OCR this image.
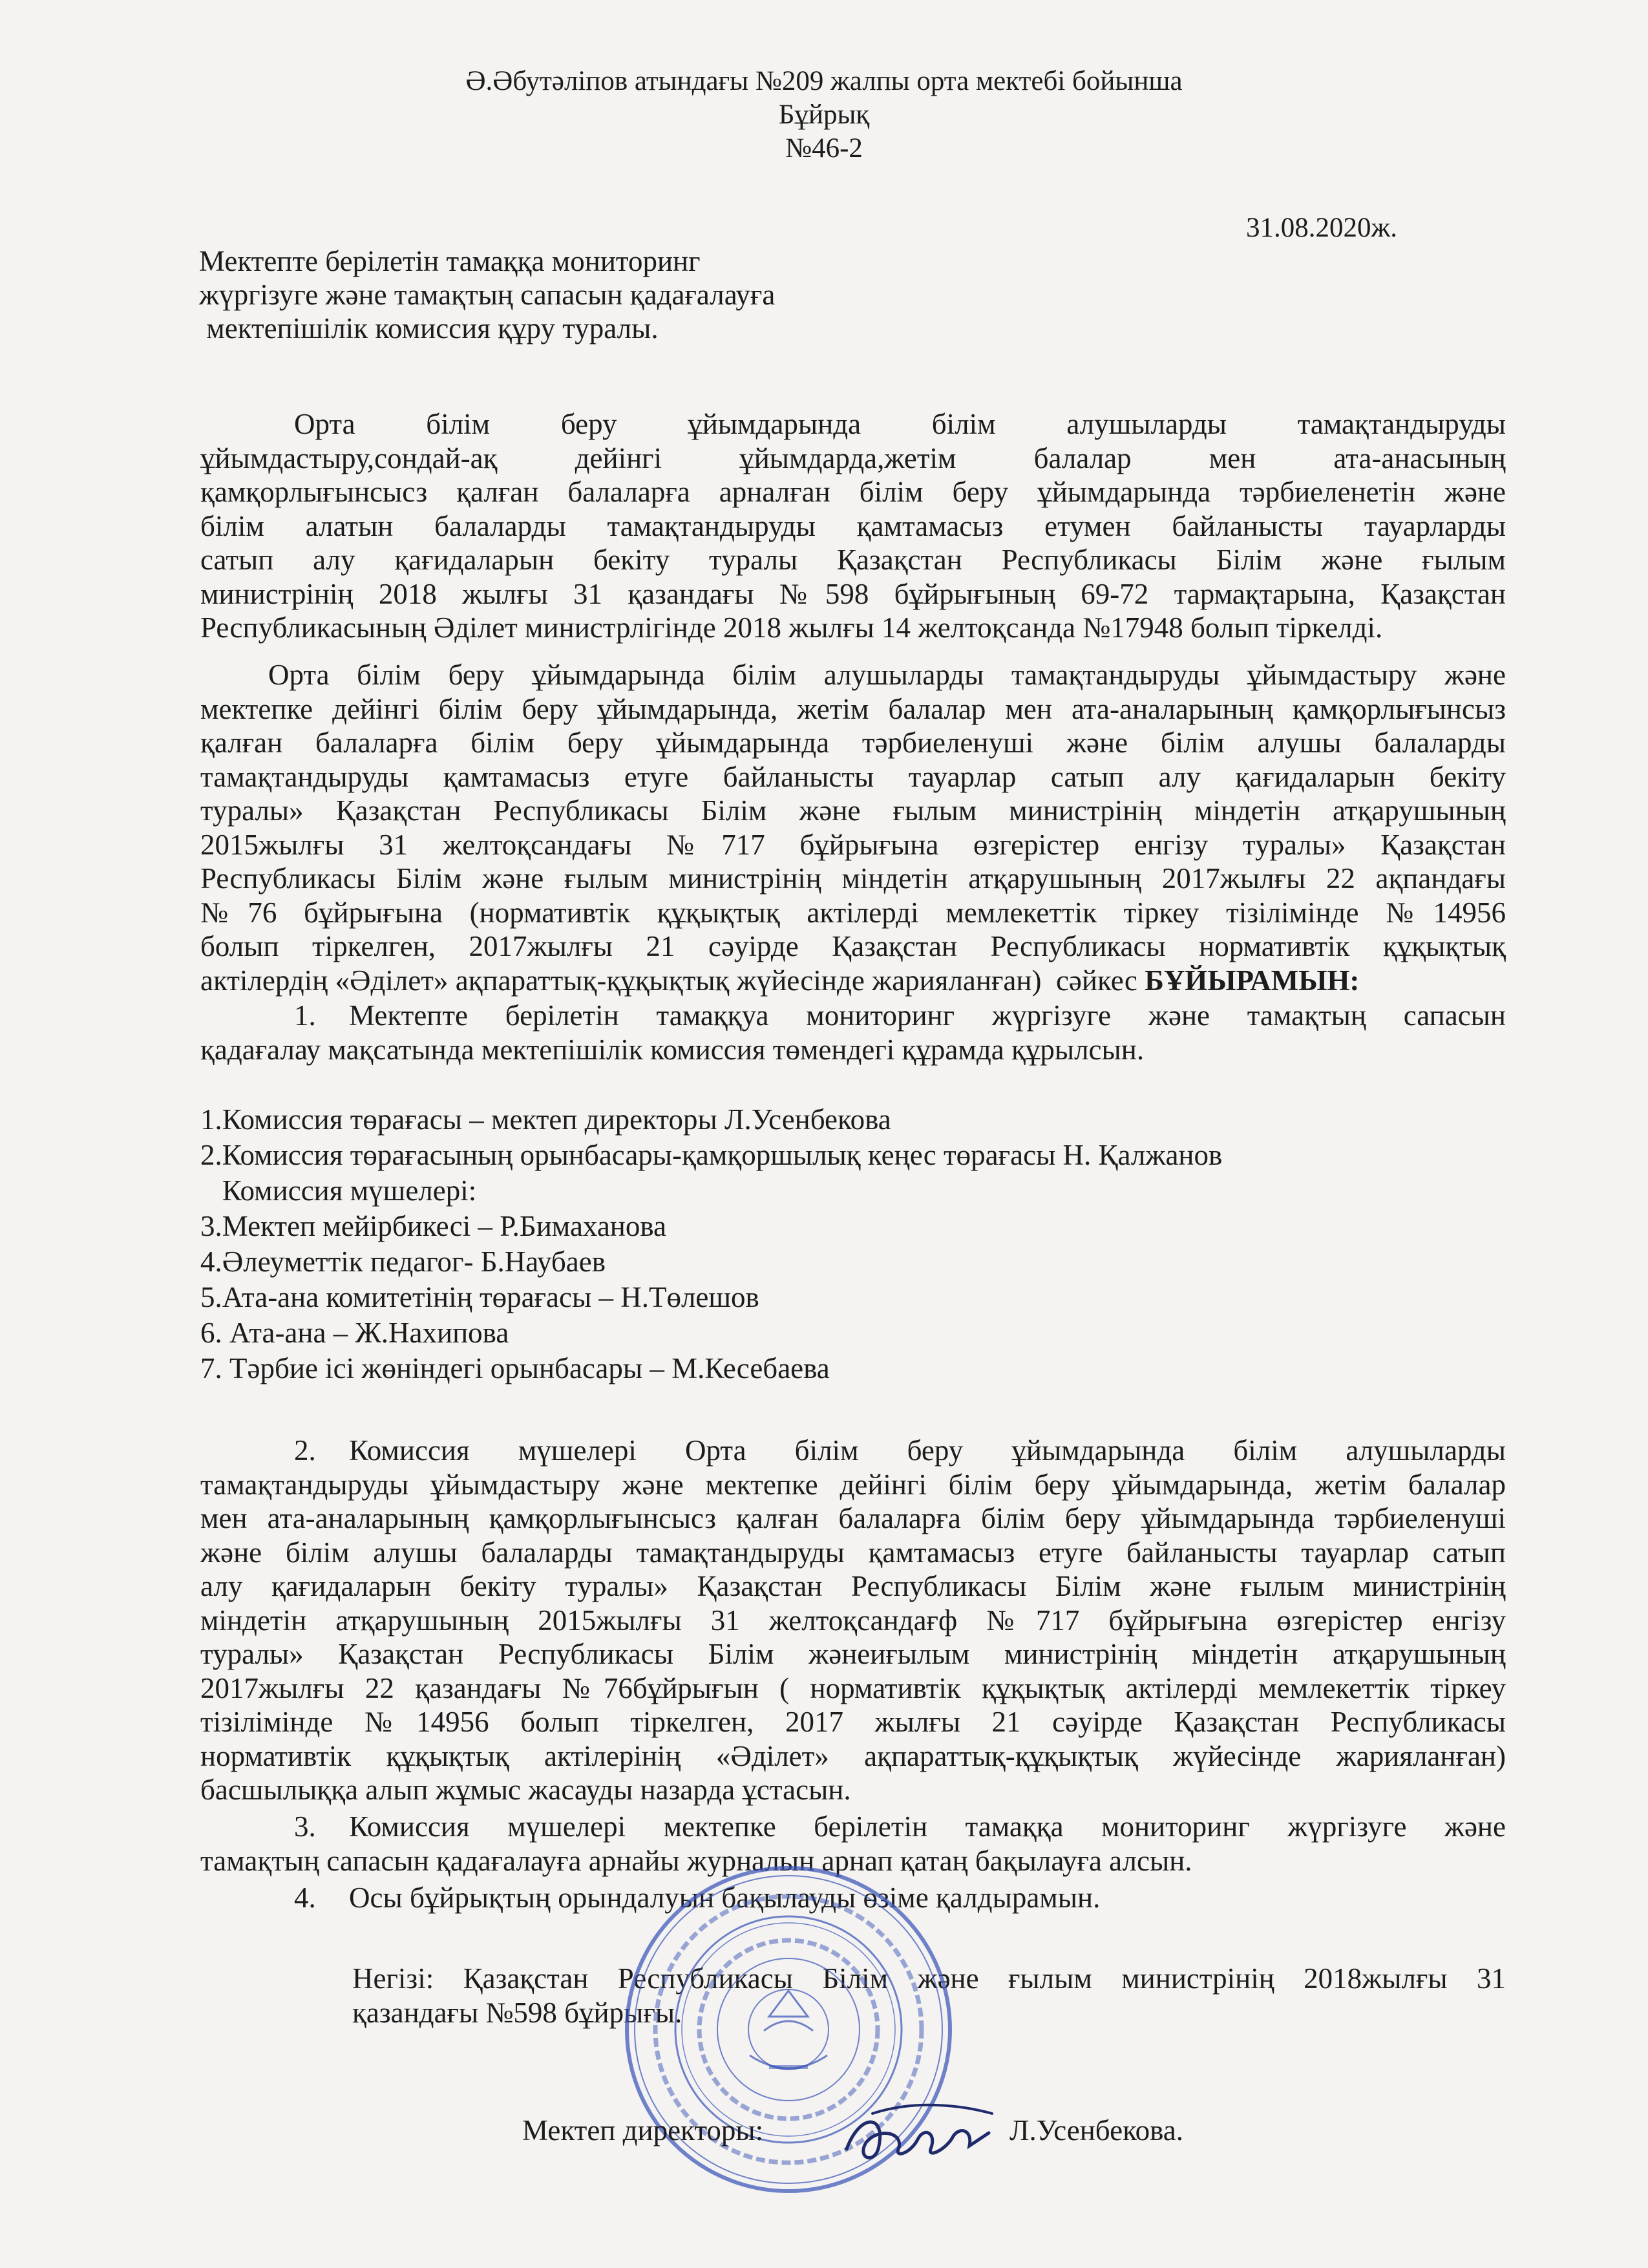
Ә.Әбутәліпов атындағы №209 жалпы орта мектебі бойынша
Бұйрық
№46-2
31.08.2020ж.
Мектепте берілетін тамаққа мониторинг
жүргізуге және тамақтың сапасын қадағалауға
мектепішілік комиссия құру туралы.
Орта білім беру ұйымдарында білім алушыларды тамақтандыруды
ұйымдастыру,сондай-ақ дейінгі ұйымдарда,жетім балалар мен ата-анасының
қамқорлығынсысз қалған балаларға арналған білім беру ұйымдарында тәрбиеленетін және
білім алатын балаларды тамақтандыруды қамтамасыз етумен байланысты тауарларды
сатып алу қағидаларын бекіту туралы Қазақстан Республикасы Білім және ғылым
министрінің 2018 жылғы 31 қазандағы №598 бұйрығының 69-72 тармақтарына, Қазақстан
Республикасының Әділет министрлігінде 2018 жылғы 14 желтоқсанда №17948 болып тіркелді.
Орта білім беру ұйымдарында білім алушыларды тамақтандыруды ұйымдастыру және
мектепке дейінгі білім беру ұйымдарында, жетім балалар мен ата-аналарының қамқорлығынсыз
қалған балаларға білім беру ұйымдарында тәрбиеленуші және білім алушы балаларды
тамақтандыруды қамтамасыз етуге байланысты тауарлар сатып алу қағидаларын бекіту
туралы» Қазақстан Республикасы Білім және ғылым министрінің міндетін атқарушының
2015жылғы 31 желтоқсандағы №717 бұйрығына өзгерістер енгізу туралы» Қазақстан
Республикасы Білім және ғылым министрінің міндетін атқарушының 2017жылғы 22 ақпандағы
№76 бұйрығына (нормативтік құқықтық актілерді мемлекеттік тіркеу тізілімінде №14956
болып тіркелген, 2017жылғы 21 сәуірде Қазақстан Республикасы нормативтік құқықтық
актілердің «Әділет» ақпараттық-құқықтық жүйесінде жарияланған)  сәйкес БҰЙЫРАМЫН:
1.	Мектепте берілетін тамаққуа мониторинг жүргізуге және тамақтың сапасын
қадағалау мақсатында мектепішілік комиссия төмендегі құрамда құрылсын.
1.Комиссия төрағасы – мектеп директоры Л.Усенбекова
2.Комиссия төрағасының орынбасары-қамқоршылық кеңес төрағасы Н. Қалжанов
Комиссия мүшелері:
3.Мектеп мейірбикесі – Р.Бимаханова
4.Әлеуметтік педагог- Б.Наубаев
5.Ата-ана комитетінің төрағасы – Н.Төлешов
6. Ата-ана – Ж.Нахипова
7. Тәрбие ісі жөніндегі орынбасары – М.Кесебаева
2.	Комиссия мүшелері Орта білім беру ұйымдарында білім алушыларды
тамақтандыруды ұйымдастыру және мектепке дейінгі білім беру ұйымдарында, жетім балалар
мен ата-аналарының қамқорлығынсысз қалған балаларға білім беру ұйымдарында тәрбиеленуші
және білім алушы балаларды тамақтандыруды қамтамасыз етуге байланысты тауарлар сатып
алу қағидаларын бекіту туралы» Қазақстан Республикасы Білім және ғылым министрінің
міндетін атқарушының 2015жылғы 31 желтоқсандағф №717 бұйрығына өзгерістер енгізу
туралы» Қазақстан Республикасы Білім жәнеиғылым министрінің міндетін атқарушының
2017жылғы 22 қазандағы №76бұйрығын ( нормативтік құқықтық актілерді мемлекеттік тіркеу
тізілімінде №14956 болып тіркелген, 2017 жылғы 21 сәуірде Қазақстан Республикасы
нормативтік құқықтық актілерінің «Әділет» ақпараттық-құқықтық жүйесінде жарияланған)
басшылыққа алып жұмыс жасауды назарда ұстасын.
3.	Комиссия мүшелері мектепке берілетін тамаққа мониторинг жүргізуге және
тамақтың сапасын қадағалауға арнайы журналын арнап қатаң бақылауға алсын.
4. Осы бұйрықтың орындалуын бақылауды өзіме қалдырамын.
Негізі: Қазақстан Республикасы Білім және ғылым министрінің 2018жылғы 31
қазандағы №598 бұйрығы.
Мектеп директоры:	Л.Усенбекова.
